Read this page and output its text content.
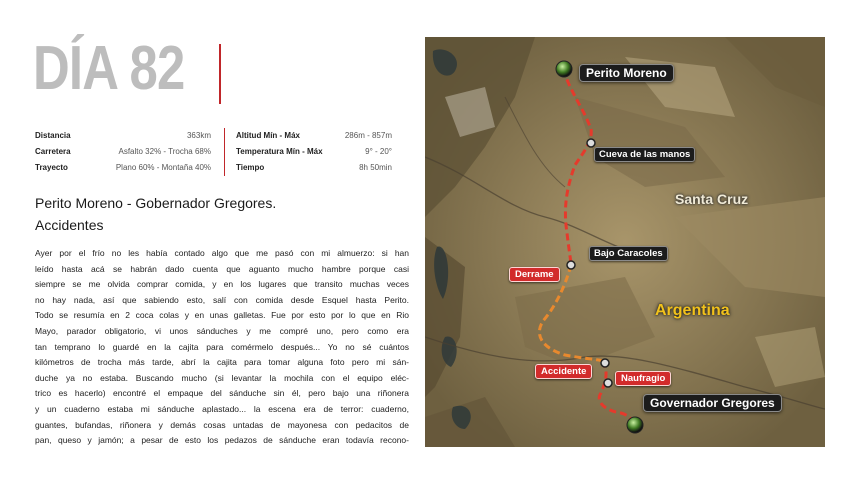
DÍA 82
Distancia	363km
Carretera	Asfalto 32% - Trocha 68%
Trayecto	Plano 60% - Montaña 40%
Altitud Mín - Máx	286m - 857m
Temperatura Mín - Máx	9° - 20°
Tiempo	8h 50min
Perito Moreno - Gobernador Gregores.
Accidentes

Ayer por el frío no les había contado algo que me pasó con mi almuerzo: si han

leído hasta acá se habrán dado cuenta que aguanto mucho hambre porque casi

siempre se me olvida comprar comida, y en los lugares que transito muchas veces

no hay nada, así que sabiendo esto, salí con comida desde Esquel hasta Perito.

Todo se resumía en 2 coca colas y en unas galletas. Fue por esto por lo que en Rio

Mayo, parador obligatorio, vi unos sánduches y me compré uno, pero como era

tan temprano lo guardé en la cajita para comérmelo después... Yo no sé cuántos

kilómetros de trocha más tarde, abrí la cajita para tomar alguna foto pero mi sán-

duche ya no estaba. Buscando mucho (si levantar la mochila con el equipo eléc-

trico es hacerlo) encontré el empaque del sánduche sin él, pero bajo una riñonera

y un cuaderno estaba mi sánduche aplastado... la escena era de terror: cuaderno,

guantes, bufandas, riñonera y demás cosas untadas de mayonesa con pedacitos de

pan, queso y jamón; a pesar de esto los pedazos de sánduche eran todavía recono-

Perito Moreno
Cueva de las manos
Santa Cruz
Bajo Caracoles
Derrame
Argentina
Accidente
Naufragio
Governador Gregores
